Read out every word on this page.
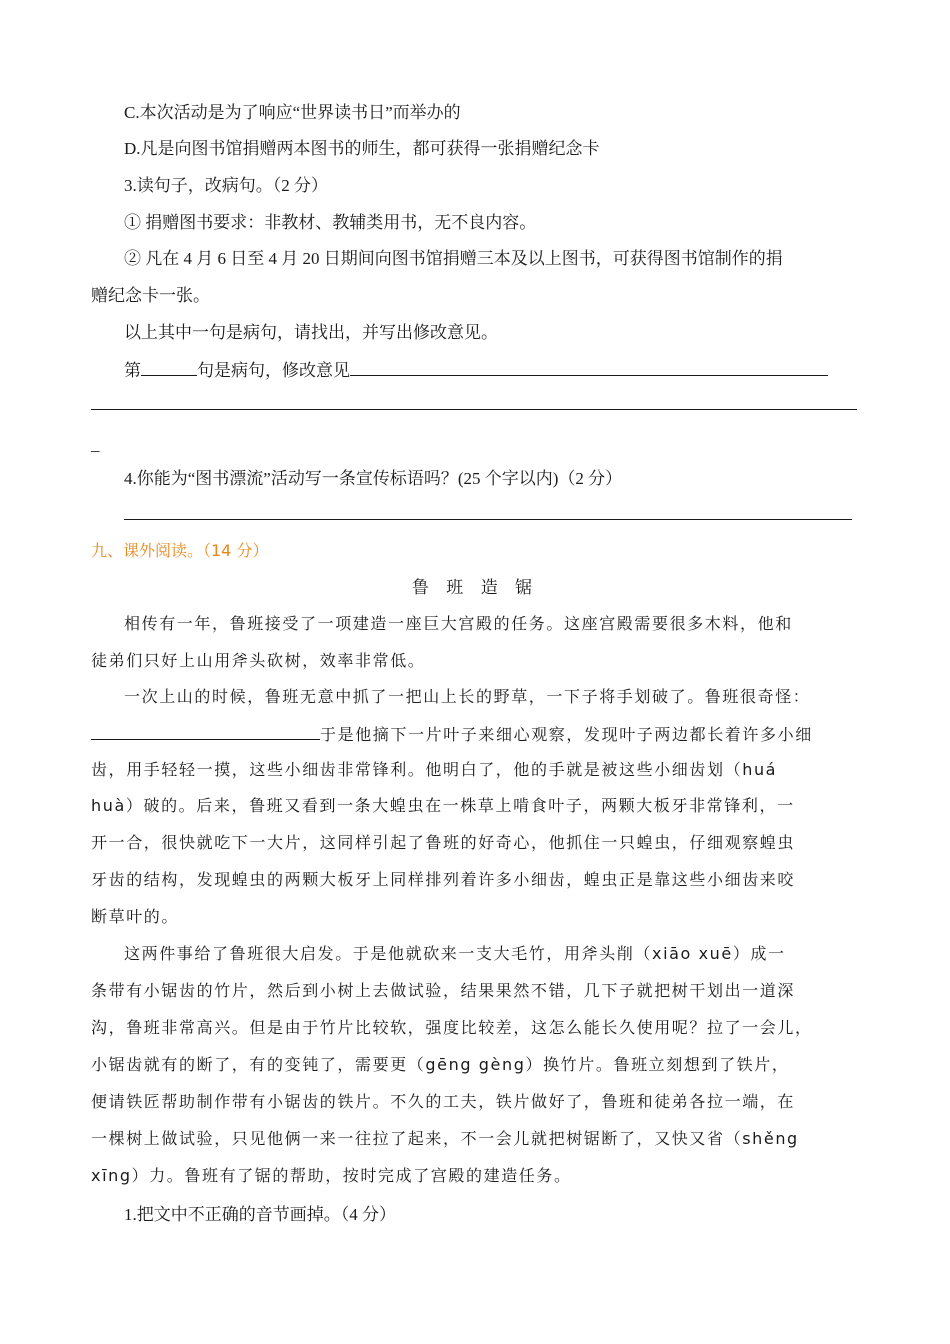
C.本次活动是为了响应“世界读书日”而举办的
D.凡是向图书馆捐赠两本图书的师生，都可获得一张捐赠纪念卡
3.读句子，改病句。（2 分）
① 捐赠图书要求：非教材、教辅类用书，无不良内容。
② 凡在 4 月 6 日至 4 月 20 日期间向图书馆捐赠三本及以上图书，可获得图书馆制作的捐
赠纪念卡一张。
以上其中一句是病句，请找出，并写出修改意见。
第	句是病句，修改意见
_
4.你能为“图书漂流”活动写一条宣传标语吗？(25 个字以内)（2 分）
九、课外阅读。（14 分）
鲁 班 造 锯
相传有一年，鲁班接受了一项建造一座巨大宫殿的任务。这座宫殿需要很多木料，他和
徒弟们只好上山用斧头砍树，效率非常低。
一次上山的时候，鲁班无意中抓了一把山上长的野草，一下子将手划破了。鲁班很奇怪：
于是他摘下一片叶子来细心观察，发现叶子两边都长着许多小细
齿，用手轻轻一摸，这些小细齿非常锋利。他明白了，他的手就是被这些小细齿划（huá
huà）破的。后来，鲁班又看到一条大蝗虫在一株草上啃食叶子，两颗大板牙非常锋利，一
开一合，很快就吃下一大片，这同样引起了鲁班的好奇心，他抓住一只蝗虫，仔细观察蝗虫
牙齿的结构，发现蝗虫的两颗大板牙上同样排列着许多小细齿，蝗虫正是靠这些小细齿来咬
断草叶的。
这两件事给了鲁班很大启发。于是他就砍来一支大毛竹，用斧头削（xiāo xuē）成一
条带有小锯齿的竹片，然后到小树上去做试验，结果果然不错，几下子就把树干划出一道深
沟，鲁班非常高兴。但是由于竹片比较软，强度比较差，这怎么能长久使用呢？拉了一会儿，
小锯齿就有的断了，有的变钝了，需要更（gēng gèng）换竹片。鲁班立刻想到了铁片，
便请铁匠帮助制作带有小锯齿的铁片。不久的工夫，铁片做好了，鲁班和徒弟各拉一端，在
一棵树上做试验，只见他俩一来一往拉了起来，不一会儿就把树锯断了，又快又省（shěng
xīng）力。鲁班有了锯的帮助，按时完成了宫殿的建造任务。
1.把文中不正确的音节画掉。（4 分）
